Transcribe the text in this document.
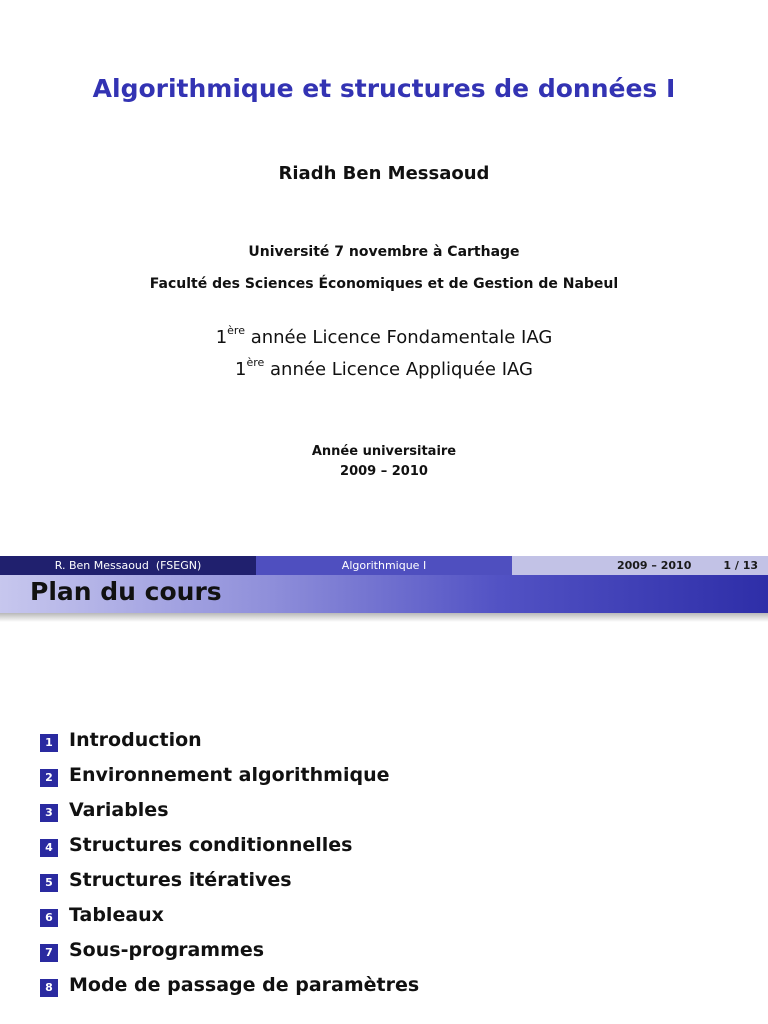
Algorithmique et structures de données I

Riadh Ben Messaoud

Université 7 novembre à Carthage

Faculté des Sciences Économiques et de Gestion de Nabeul

1ère année Licence Fondamentale IAG

1ère année Licence Appliquée IAG

Année universitaire

2009 – 2010

R. Ben Messaoud  (FSEGN)	Algorithmique I	2009 – 2010	1 / 13
Plan du cours
1 Introduction
2 Environnement algorithmique
3 Variables
4 Structures conditionnelles
5 Structures itératives
6 Tableaux
7 Sous-programmes
8 Mode de passage de paramètres
